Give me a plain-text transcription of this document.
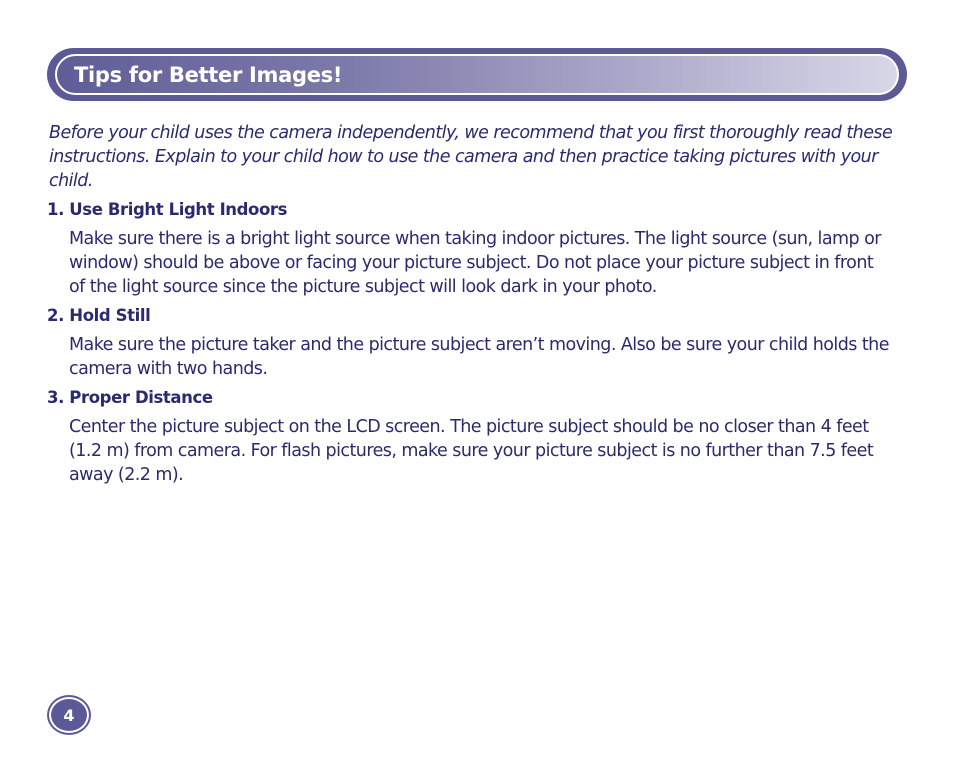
Tips for Better Images!

Before your child uses the camera independently, we recommend that you first thoroughly read these instructions. Explain to your child how to use the camera and then practice taking pictures with your child.

1. Use Bright Light Indoors

Make sure there is a bright light source when taking indoor pictures. The light source (sun, lamp or window) should be above or facing your picture subject. Do not place your picture subject in front of the light source since the picture subject will look dark in your photo.

2. Hold Still

Make sure the picture taker and the picture subject aren’t moving. Also be sure your child holds the camera with two hands.

3. Proper Distance

Center the picture subject on the LCD screen. The picture subject should be no closer than 4 feet (1.2 m) from camera. For flash pictures, make sure your picture subject is no further than 7.5 feet away (2.2 m).

4
